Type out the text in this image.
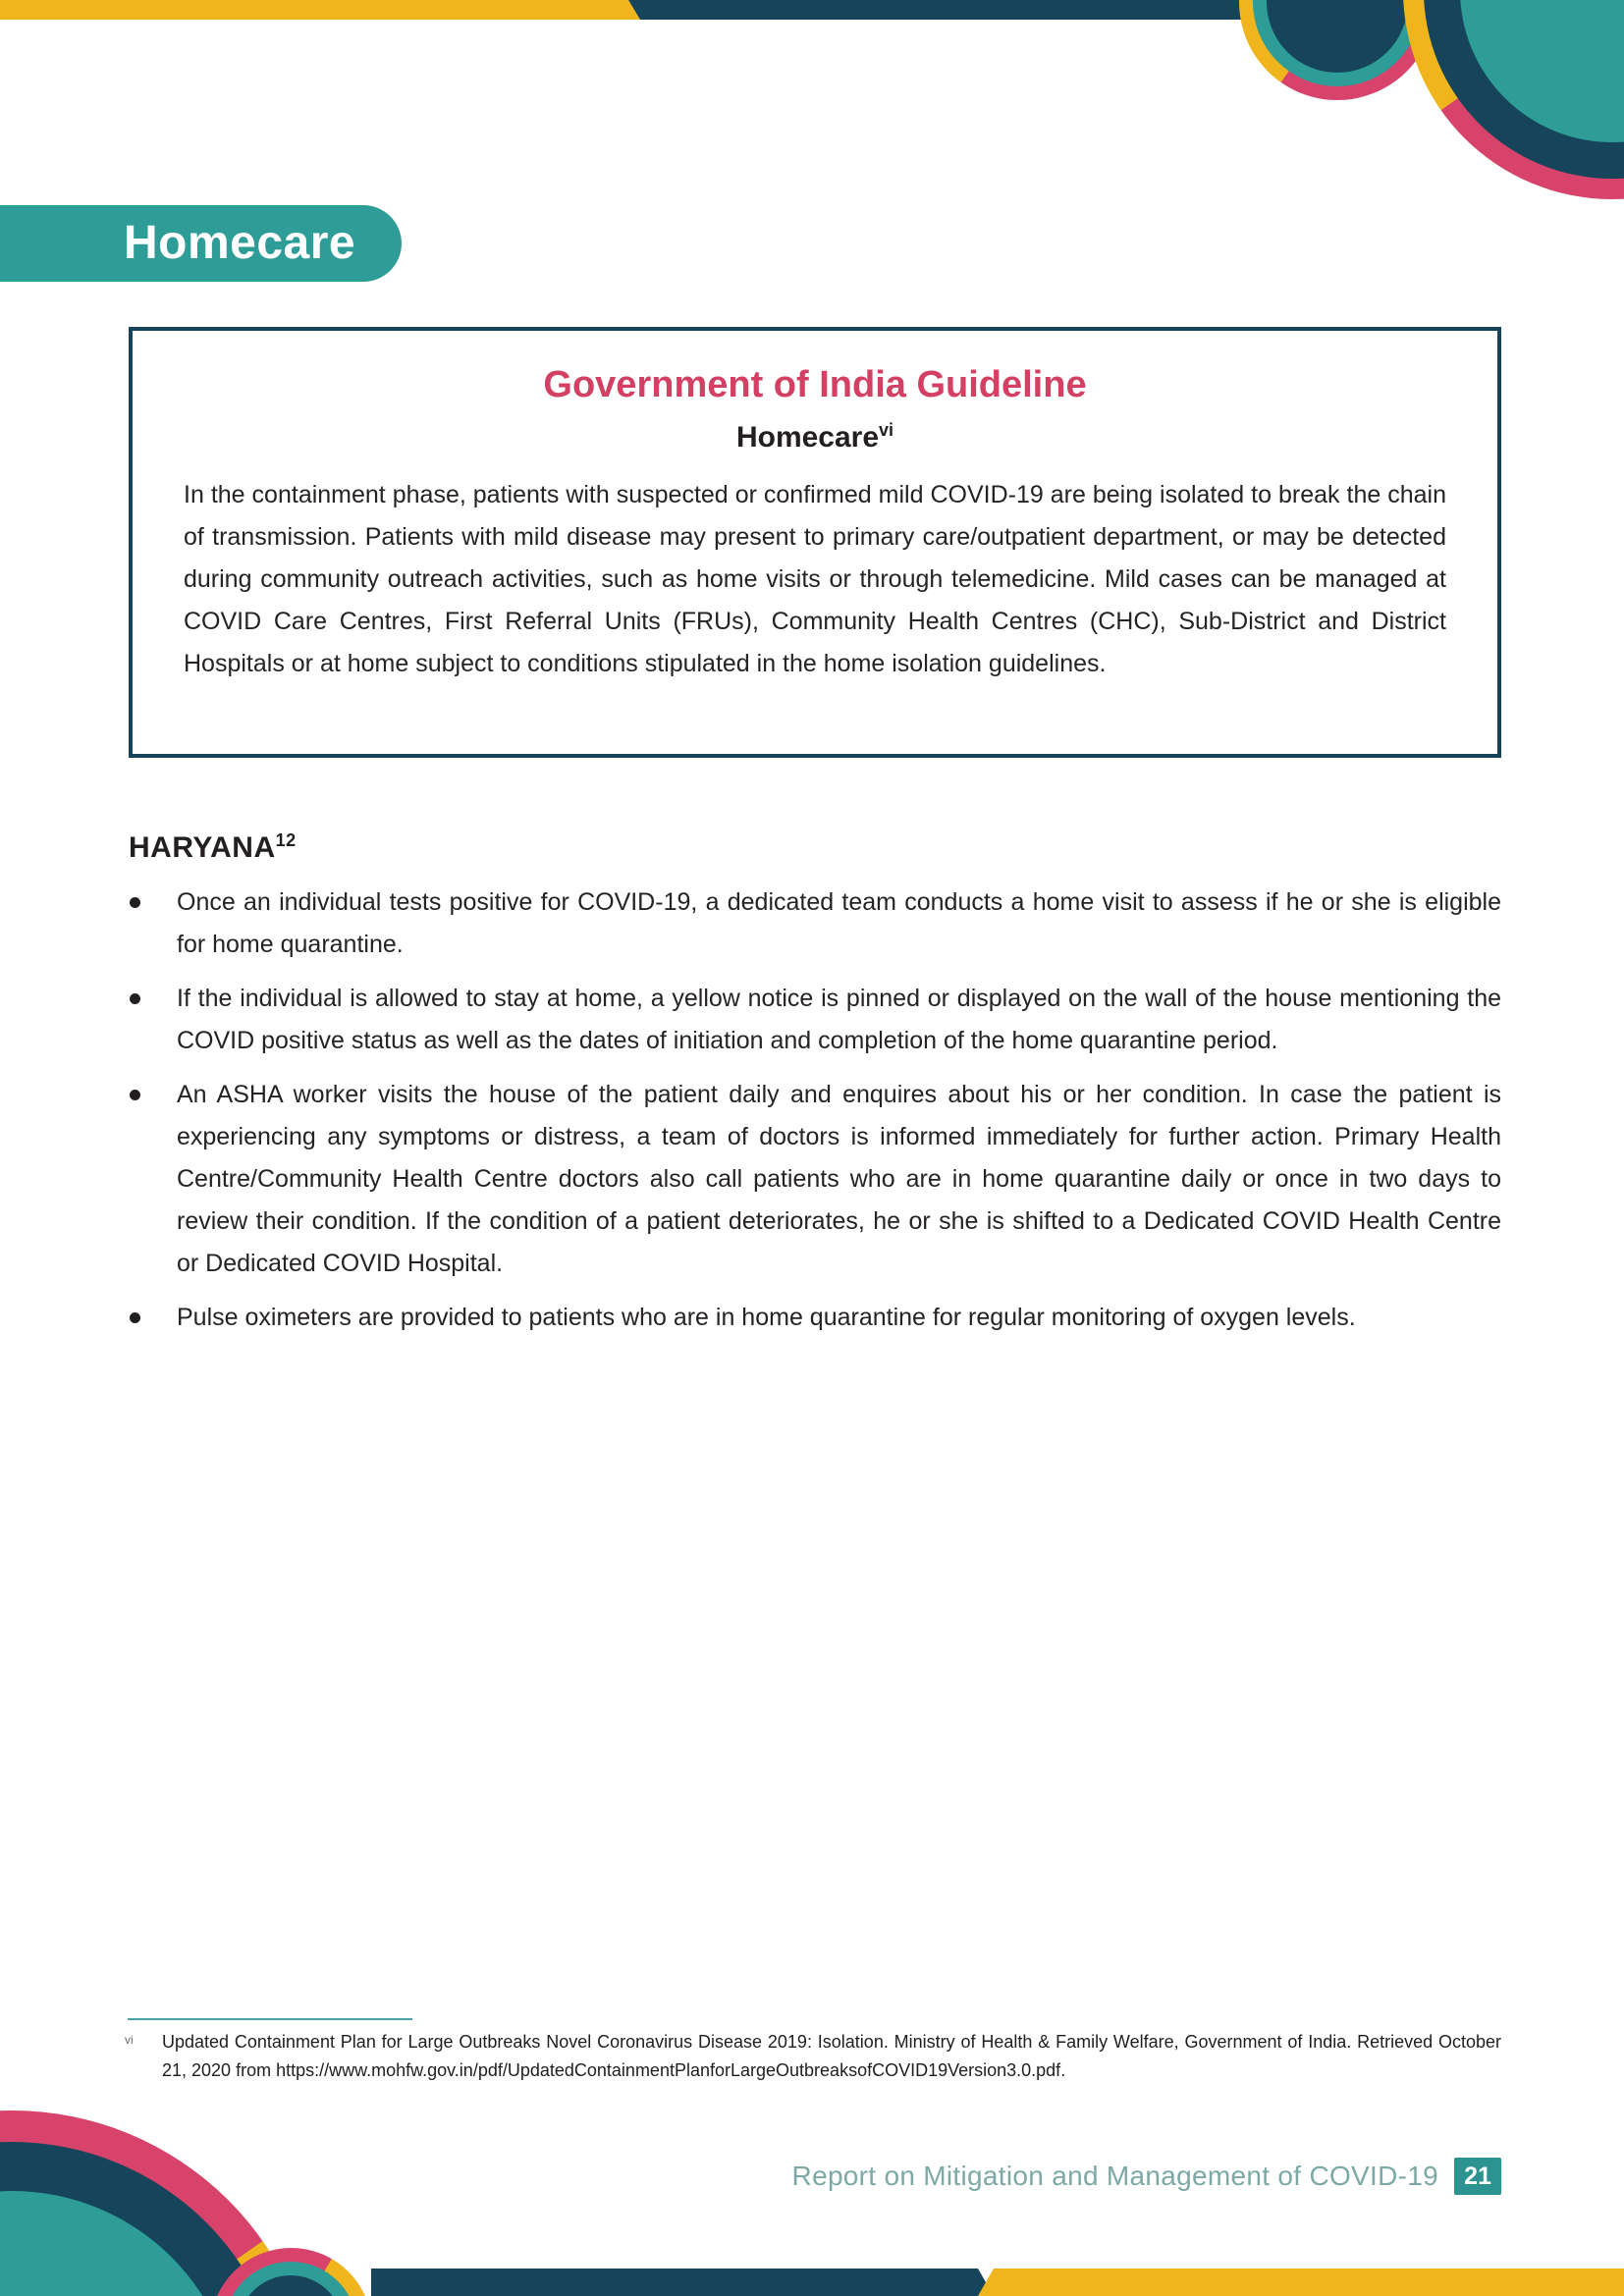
Homecare
Government of India Guideline
Homecare$^{vi}$
In the containment phase, patients with suspected or confirmed mild COVID-19 are being isolated to break the chain of transmission. Patients with mild disease may present to primary care/outpatient department, or may be detected during community outreach activities, such as home visits or through telemedicine. Mild cases can be managed at COVID Care Centres, First Referral Units (FRUs), Community Health Centres (CHC), Sub-District and District Hospitals or at home subject to conditions stipulated in the home isolation guidelines.
HARYANA$^{12}$
Once an individual tests positive for COVID-19, a dedicated team conducts a home visit to assess if he or she is eligible for home quarantine.
If the individual is allowed to stay at home, a yellow notice is pinned or displayed on the wall of the house mentioning the COVID positive status as well as the dates of initiation and completion of the home quarantine period.
An ASHA worker visits the house of the patient daily and enquires about his or her condition. In case the patient is experiencing any symptoms or distress, a team of doctors is informed immediately for further action. Primary Health Centre/Community Health Centre doctors also call patients who are in home quarantine daily or once in two days to review their condition. If the condition of a patient deteriorates, he or she is shifted to a Dedicated COVID Health Centre or Dedicated COVID Hospital.
Pulse oximeters are provided to patients who are in home quarantine for regular monitoring of oxygen levels.
vi Updated Containment Plan for Large Outbreaks Novel Coronavirus Disease 2019: Isolation. Ministry of Health & Family Welfare, Government of India. Retrieved October 21, 2020 from https://www.mohfw.gov.in/pdf/UpdatedContainmentPlanforLargeOutbreaksofCOVID19Version3.0.pdf.
Report on Mitigation and Management of COVID-19	21
